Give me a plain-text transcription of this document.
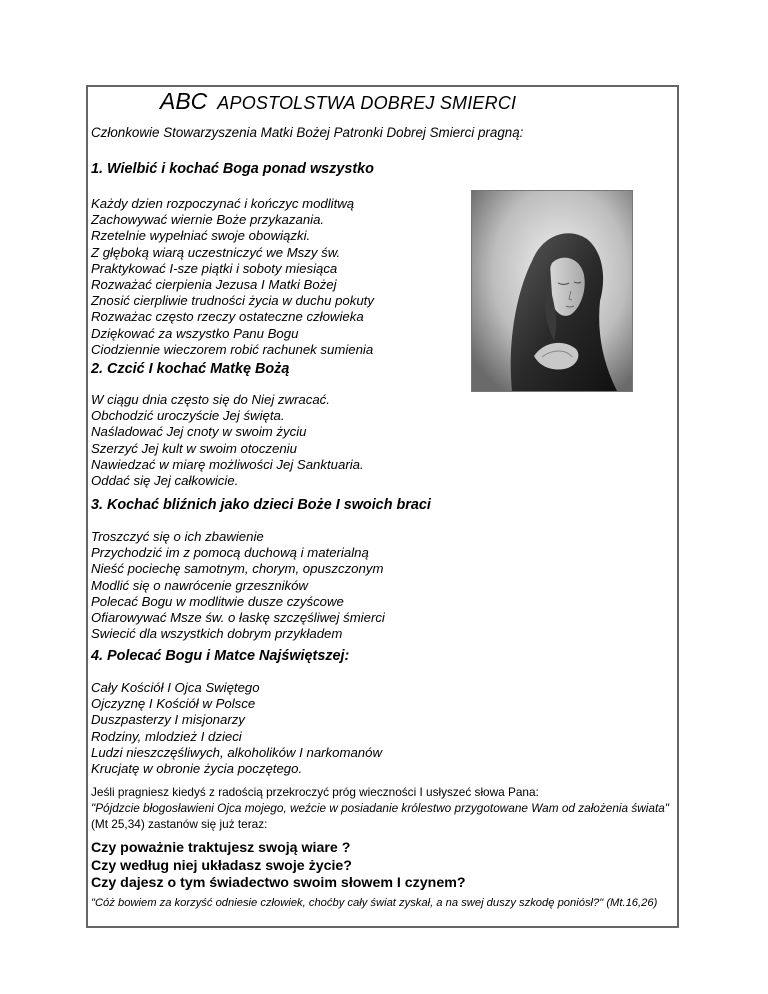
ABC APOSTOLSTWA DOBREJ SMIERCI
Członkowie Stowarzyszenia Matki Bożej Patronki Dobrej Smierci pragną:
1. Wielbić i kochać Boga ponad wszystko
Każdy dzien rozpoczynać i kończyc modlitwą
Zachowywać wiernie Boże przykazania.
Rzetelnie wypełniać swoje obowiązki.
Z głęboką wiarą uczestniczyć we Mszy św.
Praktykować I-sze piątki i soboty miesiąca
Rozważać cierpienia Jezusa I Matki Bożej
Znosić cierpliwie trudności życia w duchu pokuty
Rozważac często rzeczy ostateczne człowieka
Dziękować za wszystko Panu Bogu
Ciodziennie wieczorem robić rachunek sumienia
2. Czcić I kochać Matkę Bożą
W ciągu dnia często się do Niej zwracać.
Obchodzić uroczyście Jej święta.
Naśladować Jej cnoty w swoim życiu
Szerzyć Jej kult w swoim otoczeniu
Nawiedzać w miarę możliwości Jej Sanktuaria.
Oddać się Jej całkowicie.
3. Kochać bliźnich jako dzieci Boże I swoich braci
Troszczyć się o ich zbawienie
Przychodzić im z pomocą duchową i materialną
Nieść pociechę samotnym, chorym, opuszczonym
Modlić się o nawrócenie grzeszników
Polecać Bogu w modlitwie dusze czyścowe
Ofiarowywać Msze św. o łaskę szczęśliwej śmierci
Swiecić dla wszystkich dobrym przykładem
4. Polecać Bogu i Matce Najświętszej:
Cały Kościół I Ojca Swiętego
Ojczyznę I Kościół w Polsce
Duszpasterzy I misjonarzy
Rodziny, mlodzież I dzieci
Ludzi nieszczęśliwych, alkoholików I narkomanów
Krucjatę w obronie życia poczętego.
Jeśli pragniesz kiedyś z radością przekroczyć próg wieczności I usłyszeć słowa Pana:
"Pójdzcie błogosławieni Ojca mojego, weźcie w posiadanie królestwo przygotowane Wam od założenia świata" (Mt 25,34) zastanów się już teraz:
Czy poważnie traktujesz swoją wiare ?
Czy według niej układasz swoje życie?
Czy dajesz o tym świadectwo swoim słowem I czynem?
"Cóż bowiem za korzyść odniesie człowiek, choćby cały świat zyskał, a na swej duszy szkodę poniósł?" (Mt.16,26)
